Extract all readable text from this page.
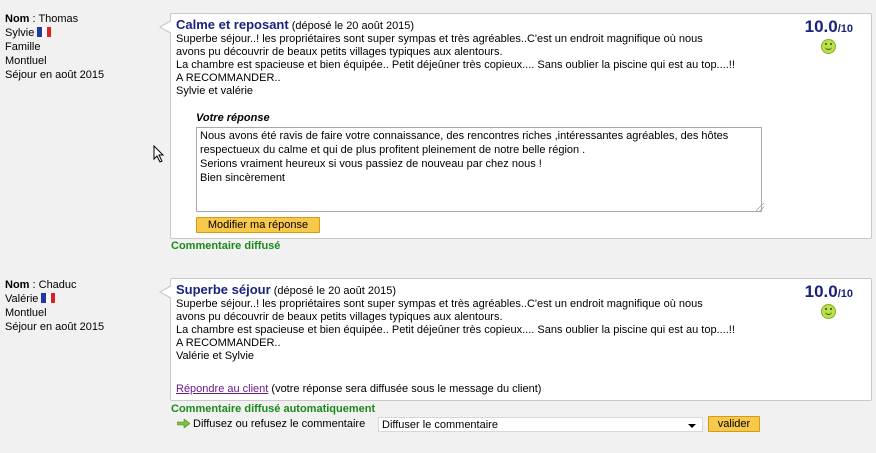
Nom : Thomas
Sylvie
Famille
Montluel
Séjour en août 2015
Calme et reposant (déposé le 20 août 2015)
Superbe séjour..! les propriétaires sont super sympas et très agréables..C'est un endroit magnifique où nous
avons pu découvrir de beaux petits villages typiques aux alentours.
La chambre est spacieuse et bien équipée.. Petit déjeûner très copieux.... Sans oublier la piscine qui est au top....!!
A RECOMMANDER..
Sylvie et valérie
10.0/10
Votre réponse
Nous avons été ravis de faire votre connaissance, des rencontres riches ,intéressantes agréables, des hôtes respectueux du calme et qui de plus profitent pleinement de notre belle région .
Serions vraiment heureux si vous passiez de nouveau par chez nous !
Bien sincèrement
Modifier ma réponse
Commentaire diffusé
Nom : Chaduc
Valérie
Montluel
Séjour en août 2015
Superbe séjour (déposé le 20 août 2015)
Superbe séjour..! les propriétaires sont super sympas et très agréables..C'est un endroit magnifique où nous
avons pu découvrir de beaux petits villages typiques aux alentours.
La chambre est spacieuse et bien équipée.. Petit déjeûner très copieux.... Sans oublier la piscine qui est au top....!!
A RECOMMANDER..
Valérie et Sylvie
10.0/10
Répondre au client (votre réponse sera diffusée sous le message du client)
Commentaire diffusé automatiquement
Diffusez ou refusez le commentaire	Diffuser le commentaire	valider
